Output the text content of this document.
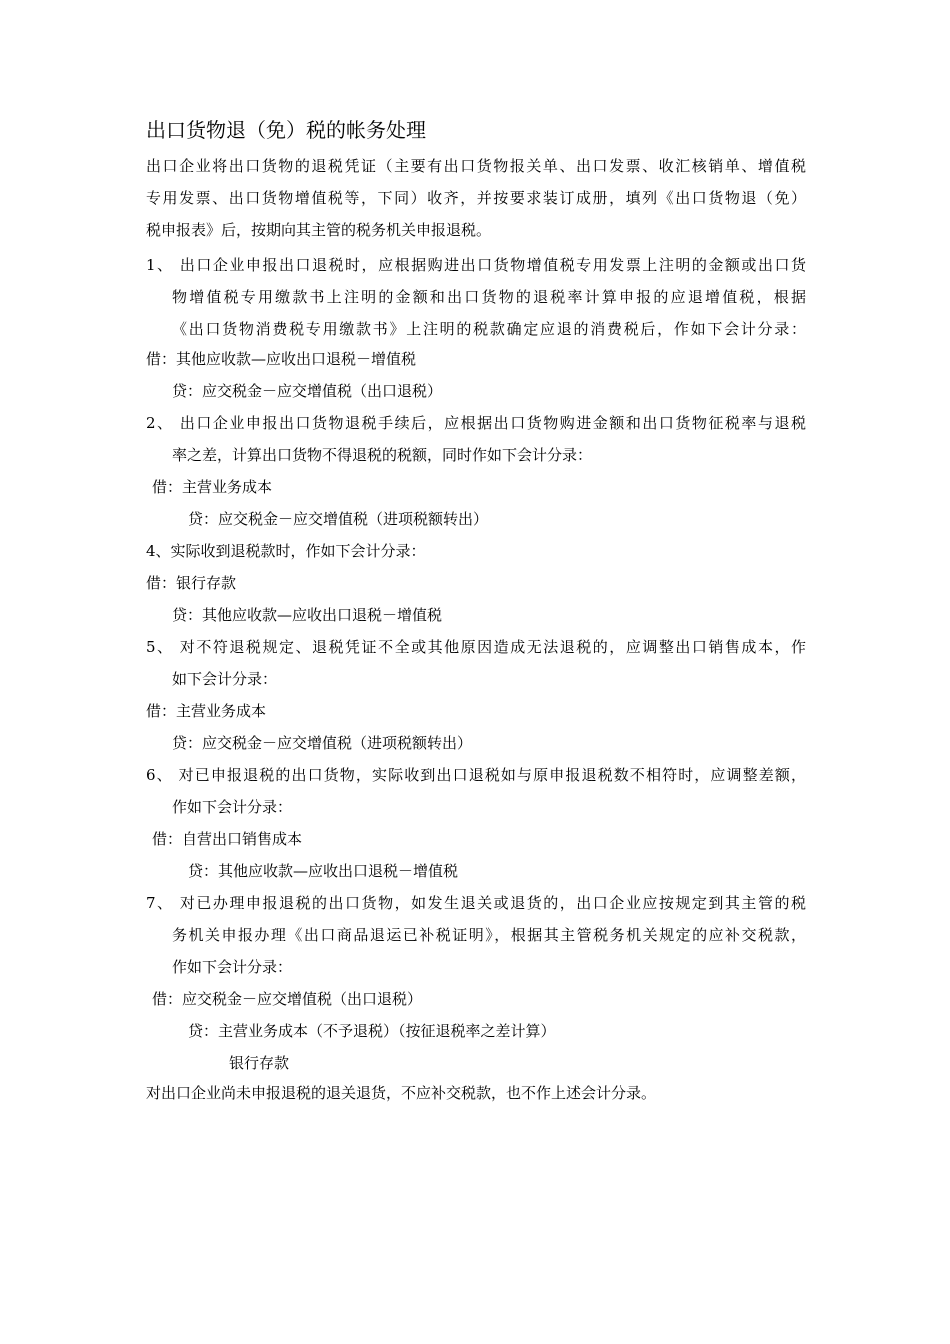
出口货物退（免）税的帐务处理
出口企业将出口货物的退税凭证（主要有出口货物报关单、出口发票、收汇核销单、增值税
专用发票、出口货物增值税等，下同）收齐，并按要求装订成册，填列《出口货物退（免）
税申报表》后，按期向其主管的税务机关申报退税。
1、 出口企业申报出口退税时，应根据购进出口货物增值税专用发票上注明的金额或出口货
物增值税专用缴款书上注明的金额和出口货物的退税率计算申报的应退增值税，根据
《出口货物消费税专用缴款书》上注明的税款确定应退的消费税后，作如下会计分录：
借：其他应收款—应收出口退税－增值税
贷：应交税金－应交增值税（出口退税）
2、 出口企业申报出口货物退税手续后，应根据出口货物购进金额和出口货物征税率与退税
率之差，计算出口货物不得退税的税额，同时作如下会计分录：
借：主营业务成本
贷：应交税金－应交增值税（进项税额转出）
4、实际收到退税款时，作如下会计分录：
借：银行存款
贷：其他应收款—应收出口退税－增值税
5、 对不符退税规定、退税凭证不全或其他原因造成无法退税的，应调整出口销售成本，作
如下会计分录：
借：主营业务成本
贷：应交税金－应交增值税（进项税额转出）
6、 对已申报退税的出口货物，实际收到出口退税如与原申报退税数不相符时，应调整差额，
作如下会计分录：
借：自营出口销售成本
贷：其他应收款—应收出口退税－增值税
7、 对已办理申报退税的出口货物，如发生退关或退货的，出口企业应按规定到其主管的税
务机关申报办理《出口商品退运已补税证明》，根据其主管税务机关规定的应补交税款，
作如下会计分录：
借：应交税金－应交增值税（出口退税）
贷：主营业务成本（不予退税）（按征退税率之差计算）
银行存款
对出口企业尚未申报退税的退关退货，不应补交税款，也不作上述会计分录。
